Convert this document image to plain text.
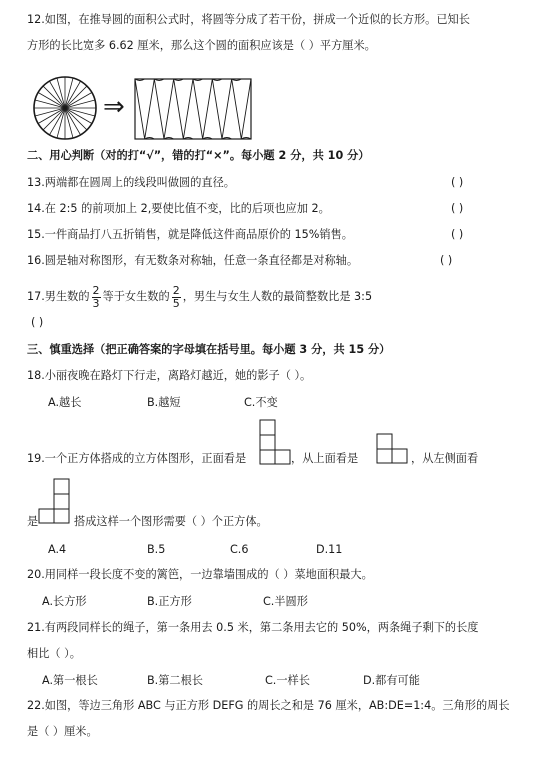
12.如图，在推导圆的面积公式时，将圆等分成了若干份，拼成一个近似的长方形。已知长
方形的长比宽多 6.62 厘米，那么这个圆的面积应该是（ ）平方厘米。
⇒
二、用心判断（对的打“√”，错的打“×”。每小题 2 分，共 10 分）
13.两端都在圆周上的线段叫做圆的直径。	( )
14.在 2:5 的前项加上 2,要使比值不变，比的后项也应加 2。	( )
15.一件商品打八五折销售，就是降低这件商品原价的 15%销售。	( )
16.圆是轴对称图形，有无数条对称轴，任意一条直径都是对称轴。	( )
17.男生数的 $\frac{2}{3}$ 等于女生数的 $\frac{2}{5}$ ，男生与女生人数的最简整数比是 3:5
( )
三、慎重选择（把正确答案的字母填在括号里。每小题 3 分，共 15 分）
18.小丽夜晚在路灯下行走，离路灯越近，她的影子（ ）。
A.越长	B.越短	C.不变
19.一个正方体搭成的立方体图形，正面看是	，从上面看是	，从左侧面看
是	搭成这样一个图形需要（ ）个正方体。
A.4	B.5	C.6	D.11
20.用同样一段长度不变的篱笆，一边靠墙围成的（ ）菜地面积最大。
A.长方形	B.正方形	C.半圆形
21.有两段同样长的绳子，第一条用去 0.5 米，第二条用去它的 50%，两条绳子剩下的长度
相比（ ）。
A.第一根长	B.第二根长	C.一样长	D.都有可能
22.如图，等边三角形 ABC 与正方形 DEFG 的周长之和是 76 厘米，AB:DE=1:4。三角形的周长
是（ ）厘米。
